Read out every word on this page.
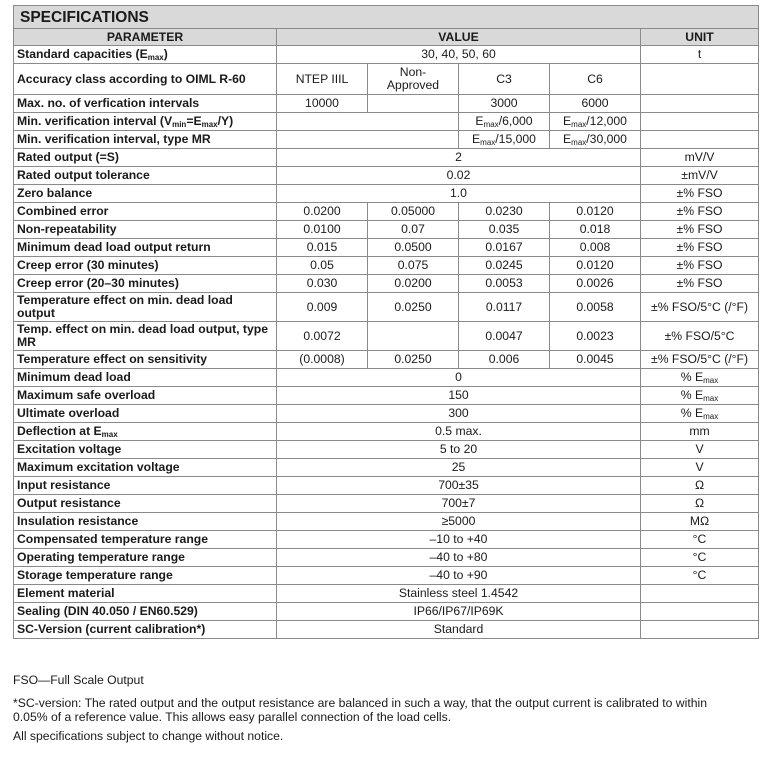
SPECIFICATIONS					
PARAMETER	VALUE				UNIT
Standard capacities $(E_{max})$	30, 40, 50, 60				t
Accuracy class according to OIML R-60	NTEP IIIL	Non-Approved	C3	C6	
Max. no. of verfication intervals	10000		3000	6000	
Min. verification interval $(V_{min}=E_{max}/Y)$			$E_{max}/6,000$	$E_{max}/12,000$	
Min. verification interval, type MR			$E_{max}/15,000$	$E_{max}/30,000$	
Rated output (=S)	2				mV/V
Rated output tolerance	0.02				±mV/V
Zero balance	1.0				±% FSO
Combined error	0.0200	0.05000	0.0230	0.0120	±% FSO
Non-repeatability	0.0100	0.07	0.035	0.018	±% FSO
Minimum dead load output return	0.015	0.0500	0.0167	0.008	±% FSO
Creep error (30 minutes)	0.05	0.075	0.0245	0.0120	±% FSO
Creep error (20–30 minutes)	0.030	0.0200	0.0053	0.0026	±% FSO
Temperature effect on min. dead load output	0.009	0.0250	0.0117	0.0058	±% FSO/5°C (/°F)
Temp. effect on min. dead load output, type MR	0.0072		0.0047	0.0023	±% FSO/5°C
Temperature effect on sensitivity	(0.0008)	0.0250	0.006	0.0045	±% FSO/5°C (/°F)
Minimum dead load	0				% $E_{max}$
Maximum safe overload	150				% $E_{max}$
Ultimate overload	300				% $E_{max}$
Deflection at $E_{max}$	0.5 max.				mm
Excitation voltage	5 to 20				V
Maximum excitation voltage	25				V
Input resistance	700±35				Ω
Output resistance	700±7				Ω
Insulation resistance	≥5000				MΩ
Compensated temperature range	–10 to +40				°C
Operating temperature range	–40 to +80				°C
Storage temperature range	–40 to +90				°C
Element material	Stainless steel 1.4542				
Sealing (DIN 40.050 / EN60.529)	IP66/IP67/IP69K				
SC-Version (current calibration*)	Standard				

FSO—Full Scale Output

*SC-version: The rated output and the output resistance are balanced in such a way, that the output current is calibrated to within

0.05% of a reference value. This allows easy parallel connection of the load cells.

All specifications subject to change without notice.
